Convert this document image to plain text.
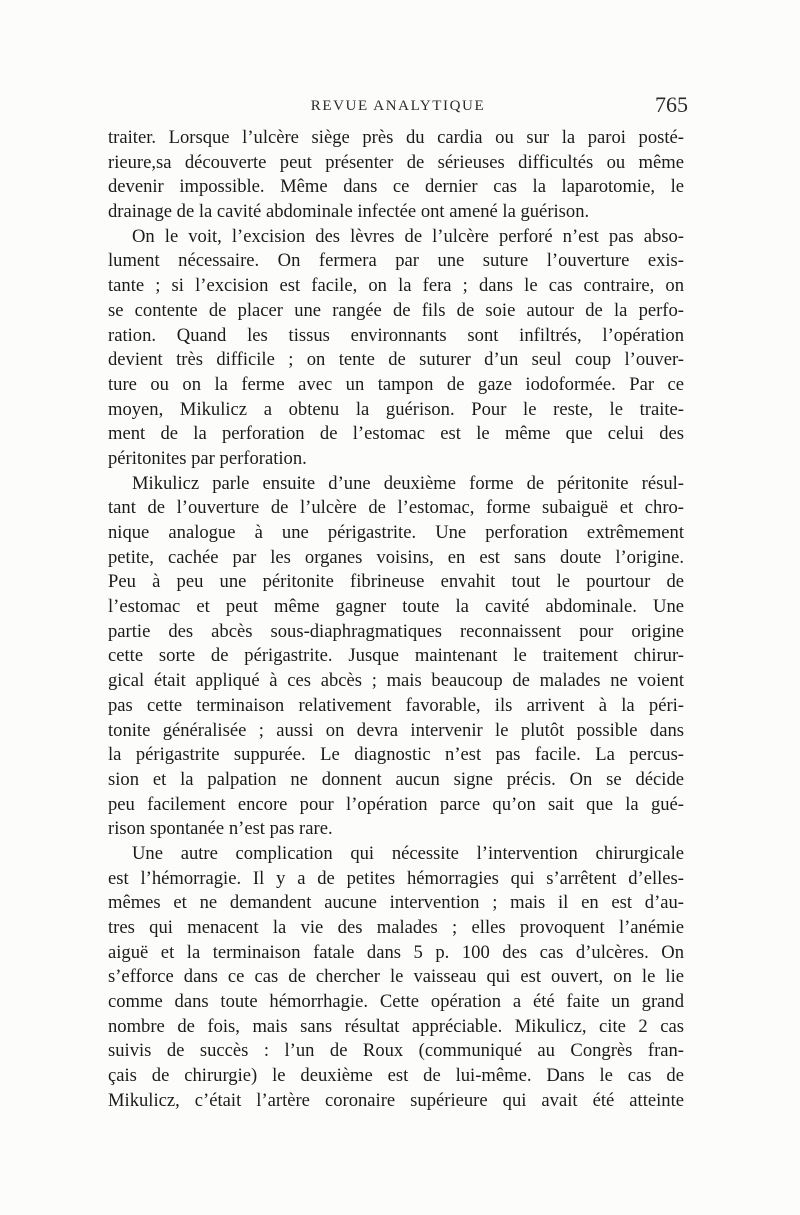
REVUE ANALYTIQUE	765
traiter. Lorsque l’ulcère siège près du cardia ou sur la paroi posté-
rieure,sa découverte peut présenter de sérieuses difficultés ou même
devenir impossible. Même dans ce dernier cas la laparotomie, le
drainage de la cavité abdominale infectée ont amené la guérison.
On le voit, l’excision des lèvres de l’ulcère perforé n’est pas abso-
lument nécessaire. On fermera par une suture l’ouverture exis-
tante ; si l’excision est facile, on la fera ; dans le cas contraire, on
se contente de placer une rangée de fils de soie autour de la perfo-
ration. Quand les tissus environnants sont infiltrés, l’opération
devient très difficile ; on tente de suturer d’un seul coup l’ouver-
ture ou on la ferme avec un tampon de gaze iodoformée. Par ce
moyen, Mikulicz a obtenu la guérison. Pour le reste, le traite-
ment de la perforation de l’estomac est le même que celui des
péritonites par perforation.
Mikulicz parle ensuite d’une deuxième forme de péritonite résul-
tant de l’ouverture de l’ulcère de l’estomac, forme subaiguë et chro-
nique analogue à une périgastrite. Une perforation extrêmement
petite, cachée par les organes voisins, en est sans doute l’origine.
Peu à peu une péritonite fibrineuse envahit tout le pourtour de
l’estomac et peut même gagner toute la cavité abdominale. Une
partie des abcès sous-diaphragmatiques reconnaissent pour origine
cette sorte de périgastrite. Jusque maintenant le traitement chirur-
gical était appliqué à ces abcès ; mais beaucoup de malades ne voient
pas cette terminaison relativement favorable, ils arrivent à la péri-
tonite généralisée ; aussi on devra intervenir le plutôt possible dans
la périgastrite suppurée. Le diagnostic n’est pas facile. La percus-
sion et la palpation ne donnent aucun signe précis. On se décide
peu facilement encore pour l’opération parce qu’on sait que la gué-
rison spontanée n’est pas rare.
Une autre complication qui nécessite l’intervention chirurgicale
est l’hémorragie. Il y a de petites hémorragies qui s’arrêtent d’elles-
mêmes et ne demandent aucune intervention ; mais il en est d’au-
tres qui menacent la vie des malades ; elles provoquent l’anémie
aiguë et la terminaison fatale dans 5 p. 100 des cas d’ulcères. On
s’efforce dans ce cas de chercher le vaisseau qui est ouvert, on le lie
comme dans toute hémorrhagie. Cette opération a été faite un grand
nombre de fois, mais sans résultat appréciable. Mikulicz, cite 2 cas
suivis de succès : l’un de Roux (communiqué au Congrès fran-
çais de chirurgie) le deuxième est de lui-même. Dans le cas de
Mikulicz, c’était l’artère coronaire supérieure qui avait été atteinte
